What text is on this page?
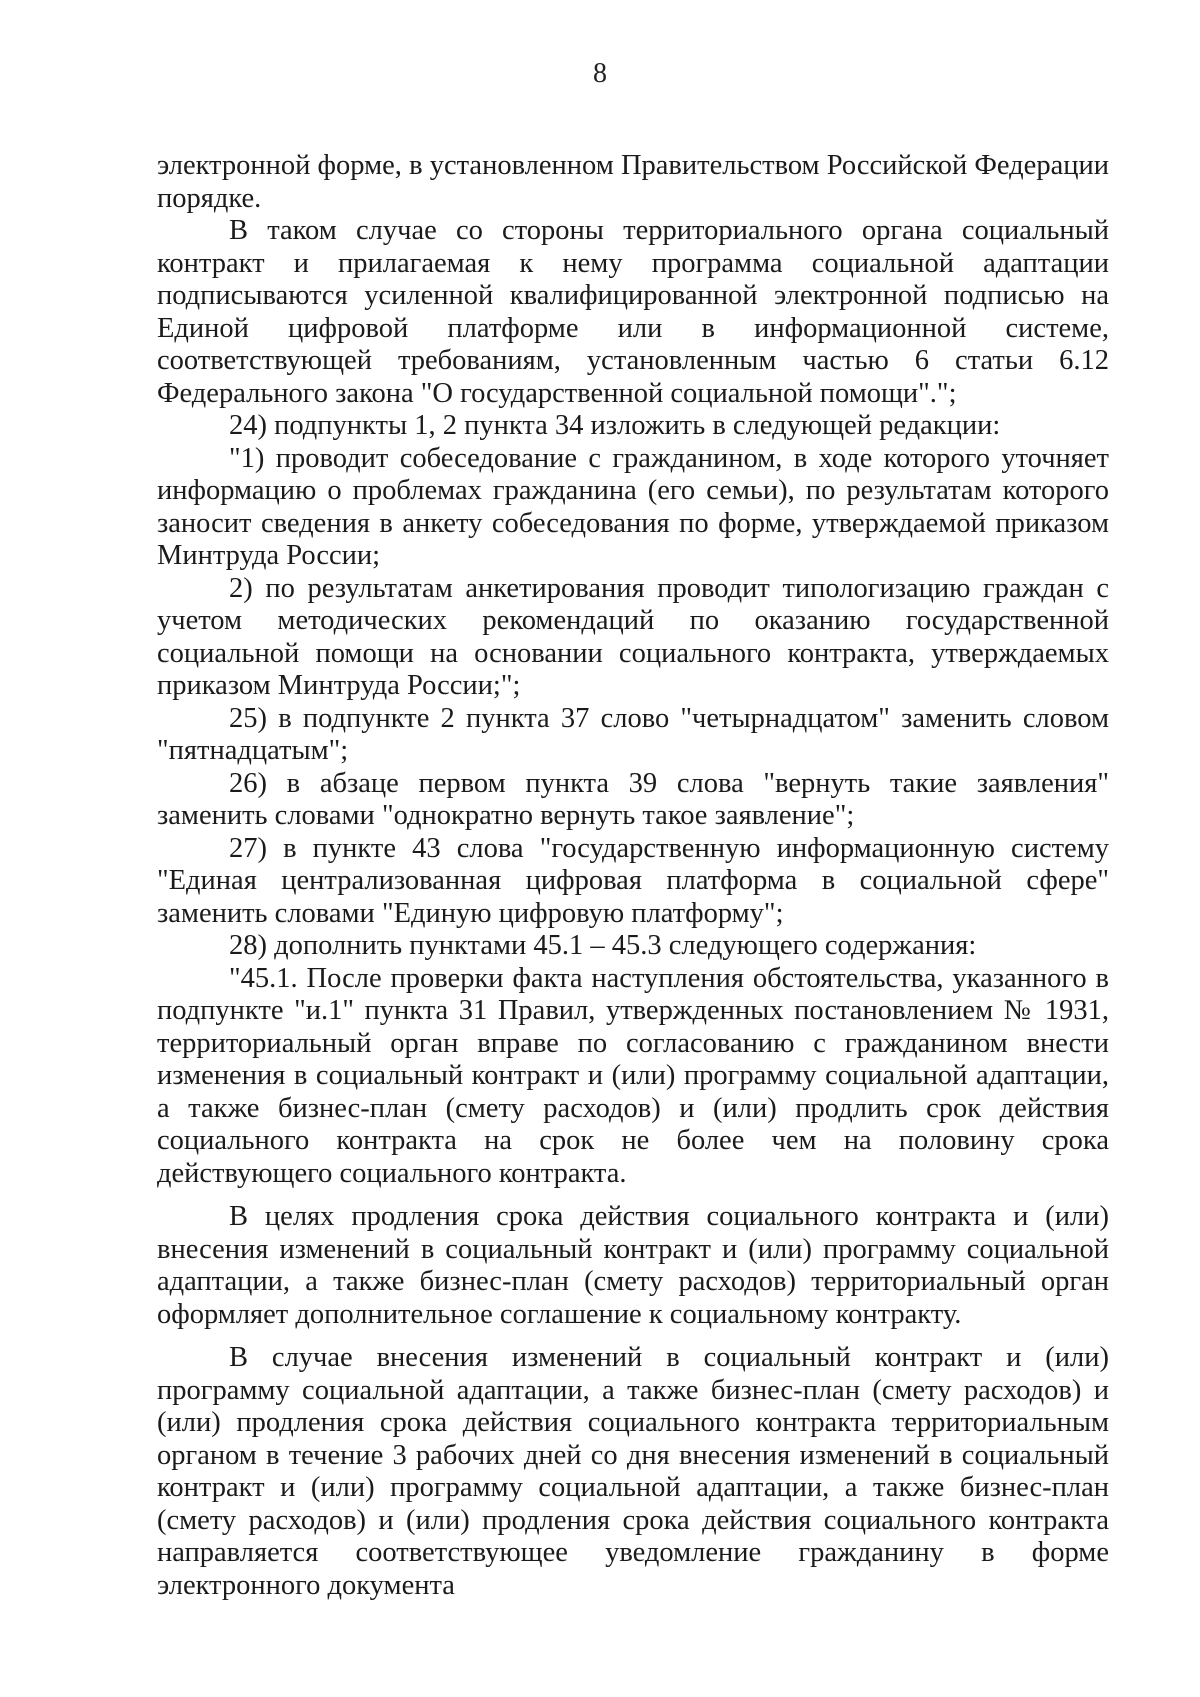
8

электронной форме, в установленном Правительством Российской Федерации порядке.

В таком случае со стороны территориального органа социальный контракт и прилагаемая к нему программа социальной адаптации подписываются усиленной квалифицированной электронной подписью на Единой цифровой платформе или в информационной системе, соответствующей требованиям, установленным частью 6 статьи 6.12 Федерального закона "О государственной социальной помощи".";

24) подпункты 1, 2 пункта 34 изложить в следующей редакции:

"1) проводит собеседование с гражданином, в ходе которого уточняет информацию о проблемах гражданина (его семьи), по результатам которого заносит сведения в анкету собеседования по форме, утверждаемой приказом Минтруда России;

2) по результатам анкетирования проводит типологизацию граждан с учетом методических рекомендаций по оказанию государственной социальной помощи на основании социального контракта, утверждаемых приказом Минтруда России;";

25) в подпункте 2 пункта 37 слово "четырнадцатом" заменить словом "пятнадцатым";

26) в абзаце первом пункта 39 слова "вернуть такие заявления" заменить словами "однократно вернуть такое заявление";

27) в пункте 43 слова "государственную информационную систему "Единая централизованная цифровая платформа в социальной сфере" заменить словами "Единую цифровую платформу";

28) дополнить пунктами 45.1 – 45.3 следующего содержания:

"45.1. После проверки факта наступления обстоятельства, указанного в подпункте "и.1" пункта 31 Правил, утвержденных постановлением № 1931, территориальный орган вправе по согласованию с гражданином внести изменения в социальный контракт и (или) программу социальной адаптации, а также бизнес-план (смету расходов) и (или) продлить срок действия социального контракта на срок не более чем на половину срока действующего социального контракта.

В целях продления срока действия социального контракта и (или) внесения изменений в социальный контракт и (или) программу социальной адаптации, а также бизнес-план (смету расходов) территориальный орган оформляет дополнительное соглашение к социальному контракту.

В случае внесения изменений в социальный контракт и (или) программу социальной адаптации, а также бизнес-план (смету расходов) и (или) продления срока действия социального контракта территориальным органом в течение 3 рабочих дней со дня внесения изменений в социальный контракт и (или) программу социальной адаптации, а также бизнес-план (смету расходов) и (или) продления срока действия социального контракта направляется соответствующее уведомление гражданину в форме электронного документа
